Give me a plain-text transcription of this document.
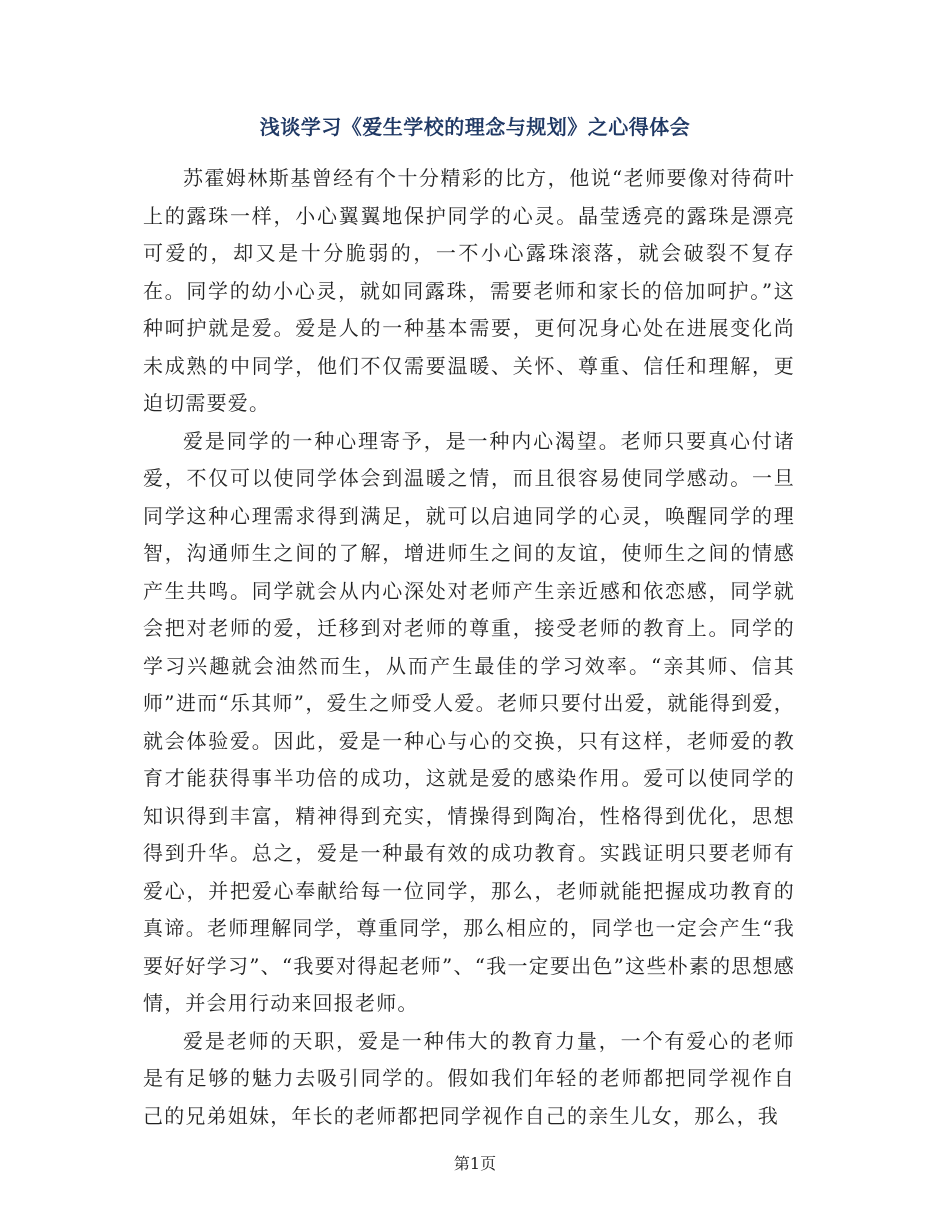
浅谈学习《爱生学校的理念与规划》之心得体会

苏霍姆林斯基曾经有个十分精彩的比方，他说“老师要像对待荷叶上的露珠一样，小心翼翼地保护同学的心灵。晶莹透亮的露珠是漂亮可爱的，却又是十分脆弱的，一不小心露珠滚落，就会破裂不复存在。同学的幼小心灵，就如同露珠，需要老师和家长的倍加呵护。”这种呵护就是爱。爱是人的一种基本需要，更何况身心处在进展变化尚未成熟的中同学，他们不仅需要温暖、关怀、尊重、信任和理解，更迫切需要爱。

爱是同学的一种心理寄予，是一种内心渴望。老师只要真心付诸爱，不仅可以使同学体会到温暖之情，而且很容易使同学感动。一旦同学这种心理需求得到满足，就可以启迪同学的心灵，唤醒同学的理智，沟通师生之间的了解，增进师生之间的友谊，使师生之间的情感产生共鸣。同学就会从内心深处对老师产生亲近感和依恋感，同学就会把对老师的爱，迁移到对老师的尊重，接受老师的教育上。同学的学习兴趣就会油然而生，从而产生最佳的学习效率。“亲其师、信其师”进而“乐其师”，爱生之师受人爱。老师只要付出爱，就能得到爱，就会体验爱。因此，爱是一种心与心的交换，只有这样，老师爱的教育才能获得事半功倍的成功，这就是爱的感染作用。爱可以使同学的知识得到丰富，精神得到充实，情操得到陶冶，性格得到优化，思想得到升华。总之，爱是一种最有效的成功教育。实践证明只要老师有爱心，并把爱心奉献给每一位同学，那么，老师就能把握成功教育的真谛。老师理解同学，尊重同学，那么相应的，同学也一定会产生“我要好好学习”、“我要对得起老师”、“我一定要出色”这些朴素的思想感情，并会用行动来回报老师。

爱是老师的天职，爱是一种伟大的教育力量，一个有爱心的老师是有足够的魅力去吸引同学的。假如我们年轻的老师都把同学视作自己的兄弟姐妹，年长的老师都把同学视作自己的亲生儿女，那么，我

第1页
